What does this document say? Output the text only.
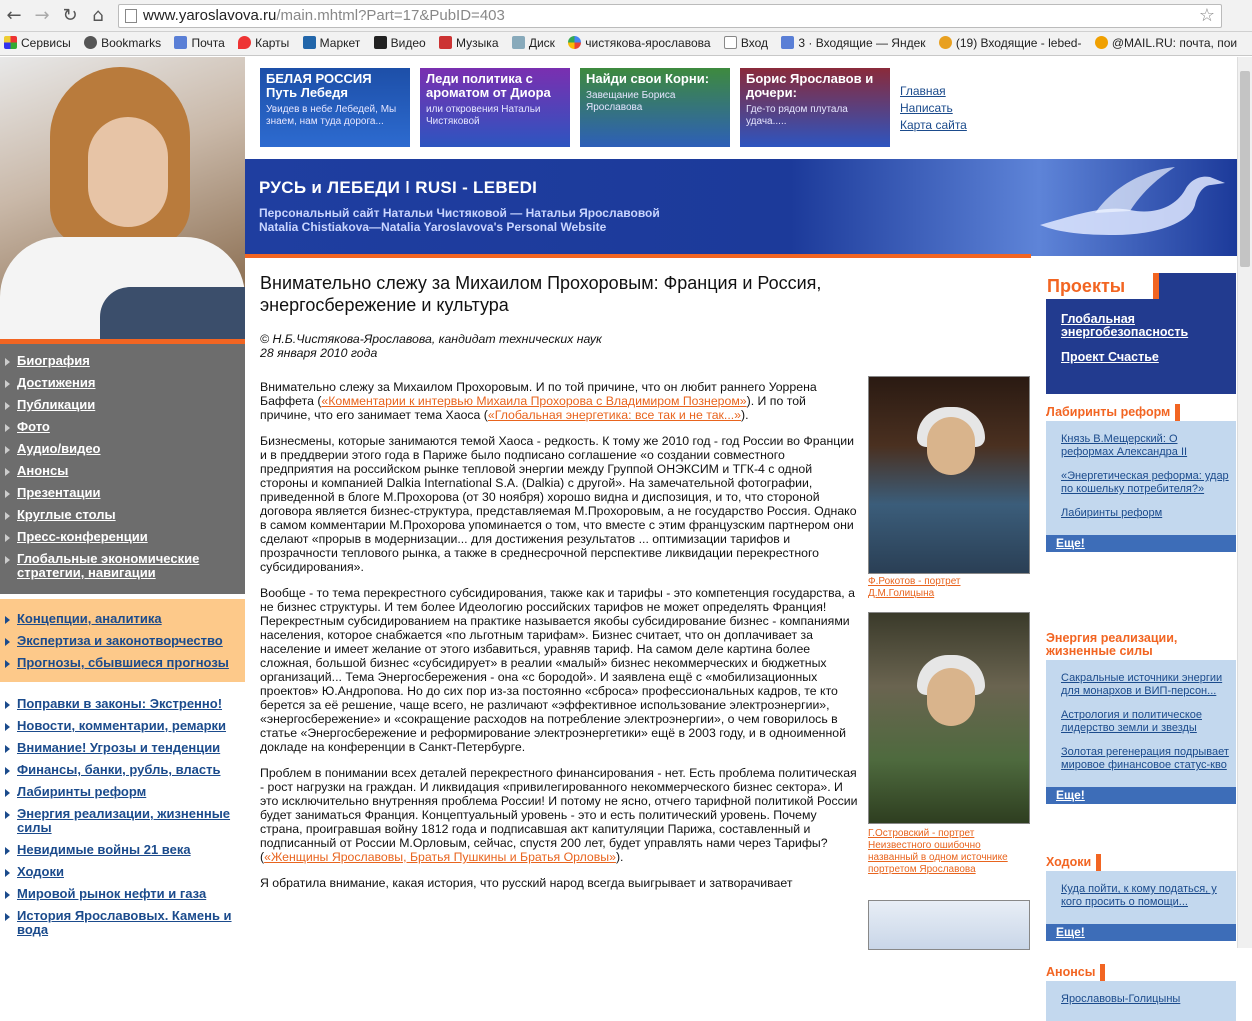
← → ↻ ⌂	www.yaroslavova.ru/main.mhtml?Part=17&PubID=403	☆
Сервисы	Bookmarks	Почта	Карты	Маркет	Видео	Музыка	Диск	чистякова-ярославова	Вход	3 · Входящие — Яндек	(19) Входящие - lebed-	@MAIL.RU: почта, пои
Биография
Достижения
Публикации
Фото
Аудио/видео
Анонсы
Презентации
Круглые столы
Пресс-конференции
Глобальные экономические стратегии, навигации
Концепции, аналитика
Экспертиза и законотворчество
Прогнозы, сбывшиеся прогнозы
Поправки в законы: Экстренно!
Новости, комментарии, ремарки
Внимание! Угрозы и тенденции
Финансы, банки, рубль, власть
Лабиринты реформ
Энергия реализации, жизненные силы
Невидимые войны 21 века
Ходоки
Мировой рынок нефти и газа
История Ярославовых. Камень и вода
БЕЛАЯ РОССИЯ
Путь Лебедя
Увидев в небе Лебедей, Мы знаем, нам туда дорога...
Леди политика с ароматом от Диора
или откровения Натальи Чистяковой
Найди свои Корни:
Завещание Бориса Ярославова
Борис Ярославов и дочери:
Где-то рядом плутала удача.....
Главная
Написать
Карта сайта
РУСЬ и ЛЕБЕДИ ǀ RUSI - LEBEDI
Персональный сайт Натальи Чистяковой — Натальи Ярославовой
Natalia Chistiakova—Natalia Yaroslavova's Personal Website
Внимательно слежу за Михаилом Прохоровым: Франция и Россия, энергосбережение и культура
© Н.Б.Чистякова-Ярославова, кандидат технических наук
28 января 2010 года

Внимательно слежу за Михаилом Прохоровым. И по той причине, что он любит раннего Уоррена Баффета («Комментарии к интервью Михаила Прохорова с Владимиром Познером»). И по той причине, что его занимает тема Хаоса («Глобальная энергетика: все так и не так...»).

Бизнесмены, которые занимаются темой Хаоса - редкость. К тому же 2010 год - год России во Франции и в преддверии этого года в Париже было подписано соглашение «о создании совместного предприятия на российском рынке тепловой энергии между Группой ОНЭКСИМ и ТГК-4 с одной стороны и компанией Dalkia International S.A. (Dalkia) с другой». На замечательной фотографии, приведенной в блоге М.Прохорова (от 30 ноября) хорошо видна и диспозиция, и то, что стороной договора является бизнес-структура, представляемая М.Прохоровым, а не государство Россия. Однако в самом комментарии М.Прохорова упоминается о том, что вместе с этим французским партнером они сделают «прорыв в модернизации... для достижения результатов ... оптимизации тарифов и прозрачности теплового рынка, а также в среднесрочной перспективе ликвидации перекрестного субсидирования».

Вообще - то тема перекрестного субсидирования, также как и тарифы - это компетенция государства, а не бизнес структуры. И тем более Идеологию российских тарифов не может определять Франция! Перекрестным субсидированием на практике называется якобы субсидирование бизнес - компаниями населения, которое снабжается «по льготным тарифам». Бизнес считает, что он доплачивает за население и имеет желание от этого избавиться, уравняв тариф. На самом деле картина более сложная, большой бизнес «субсидирует» в реалии «малый» бизнес некоммерческих и бюджетных организаций... Тема Энергосбережения - она «с бородой». И заявлена ещё с «мобилизационных проектов» Ю.Андропова. Но до сих пор из-за постоянно «сброса» профессиональных кадров, те кто берется за её решение, чаще всего, не различают «эффективное использование электроэнергии», «энергосбережение» и «сокращение расходов на потребление электроэнергии», о чем говорилось в статье «Энергосбережение и реформирование электроэнергетики» ещё в 2003 году, и в одноименной докладе на конференции в Санкт-Петербурге.

Проблем в понимании всех деталей перекрестного финансирования - нет. Есть проблема политическая - рост нагрузки на граждан. И ликвидация «привилегированного некоммерческого бизнес сектора». И это исключительно внутренняя проблема России! И потому не ясно, отчего тарифной политикой России будет заниматься Франция. Концептуальный уровень - это и есть политический уровень. Почему страна, проигравшая войну 1812 года и подписавшая акт капитуляции Парижа, составленный и подписанный от России М.Орловым, сейчас, спустя 200 лет, будет управлять нами через Тарифы? («Женщины Ярославовы, Братья Пушкины и Братья Орловы»).

Я обратила внимание, какая история, что русский народ всегда выигрывает и затворачивает

Ф.Рокотов - портрет Д.М.Голицына
Г.Островский - портрет Неизвестного ошибочно названный в одном источнике портретом Ярославова
Проекты
Глобальная энергобезопасность
Проект Счастье
Лабиринты реформ
Князь В.Мещерский: О реформах Александра II
«Энергетическая реформа: удар по кошельку потребителя?»
Лабиринты реформ
Еще!
Энергия реализации, жизненные силы
Сакральные источники энергии для монархов и ВИП-персон...
Астрология и политическое лидерство земли и звезды
Золотая регенерация подрывает мировое финансовое статус-кво
Еще!
Ходоки
Куда пойти, к кому податься, у кого просить о помощи...
Еще!
Анонсы
Ярославовы-Голицыны
